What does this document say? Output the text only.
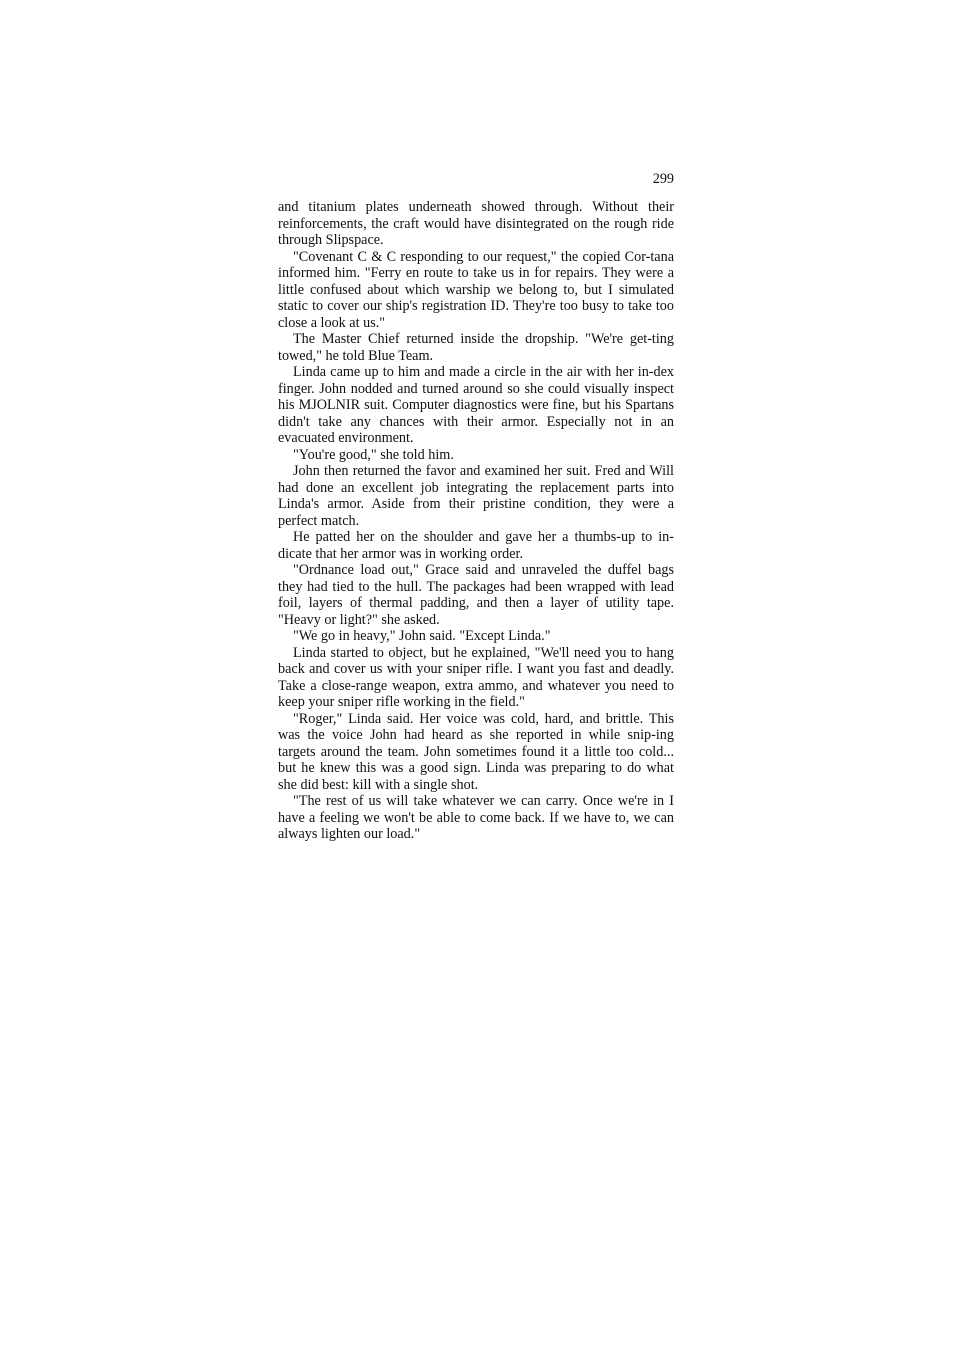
299

and titanium plates underneath showed through. Without their reinforcements, the craft would have disintegrated on the rough ride through Slipspace.

"Covenant C & C responding to our request," the copied Cor-tana informed him. "Ferry en route to take us in for repairs. They were a little confused about which warship we belong to, but I simulated static to cover our ship's registration ID. They're too busy to take too close a look at us."

The Master Chief returned inside the dropship. "We're get-ting towed," he told Blue Team.

Linda came up to him and made a circle in the air with her in-dex finger. John nodded and turned around so she could visually inspect his MJOLNIR suit. Computer diagnostics were fine, but his Spartans didn't take any chances with their armor. Especially not in an evacuated environment.

"You're good," she told him.

John then returned the favor and examined her suit. Fred and Will had done an excellent job integrating the replacement parts into Linda's armor. Aside from their pristine condition, they were a perfect match.

He patted her on the shoulder and gave her a thumbs-up to in-dicate that her armor was in working order.

"Ordnance load out," Grace said and unraveled the duffel bags they had tied to the hull. The packages had been wrapped with lead foil, layers of thermal padding, and then a layer of utility tape. "Heavy or light?" she asked.

"We go in heavy," John said. "Except Linda."

Linda started to object, but he explained, "We'll need you to hang back and cover us with your sniper rifle. I want you fast and deadly. Take a close-range weapon, extra ammo, and whatever you need to keep your sniper rifle working in the field."

"Roger," Linda said. Her voice was cold, hard, and brittle. This was the voice John had heard as she reported in while snip-ing targets around the team. John sometimes found it a little too cold... but he knew this was a good sign. Linda was preparing to do what she did best: kill with a single shot.

"The rest of us will take whatever we can carry. Once we're in I have a feeling we won't be able to come back. If we have to, we can always lighten our load."
